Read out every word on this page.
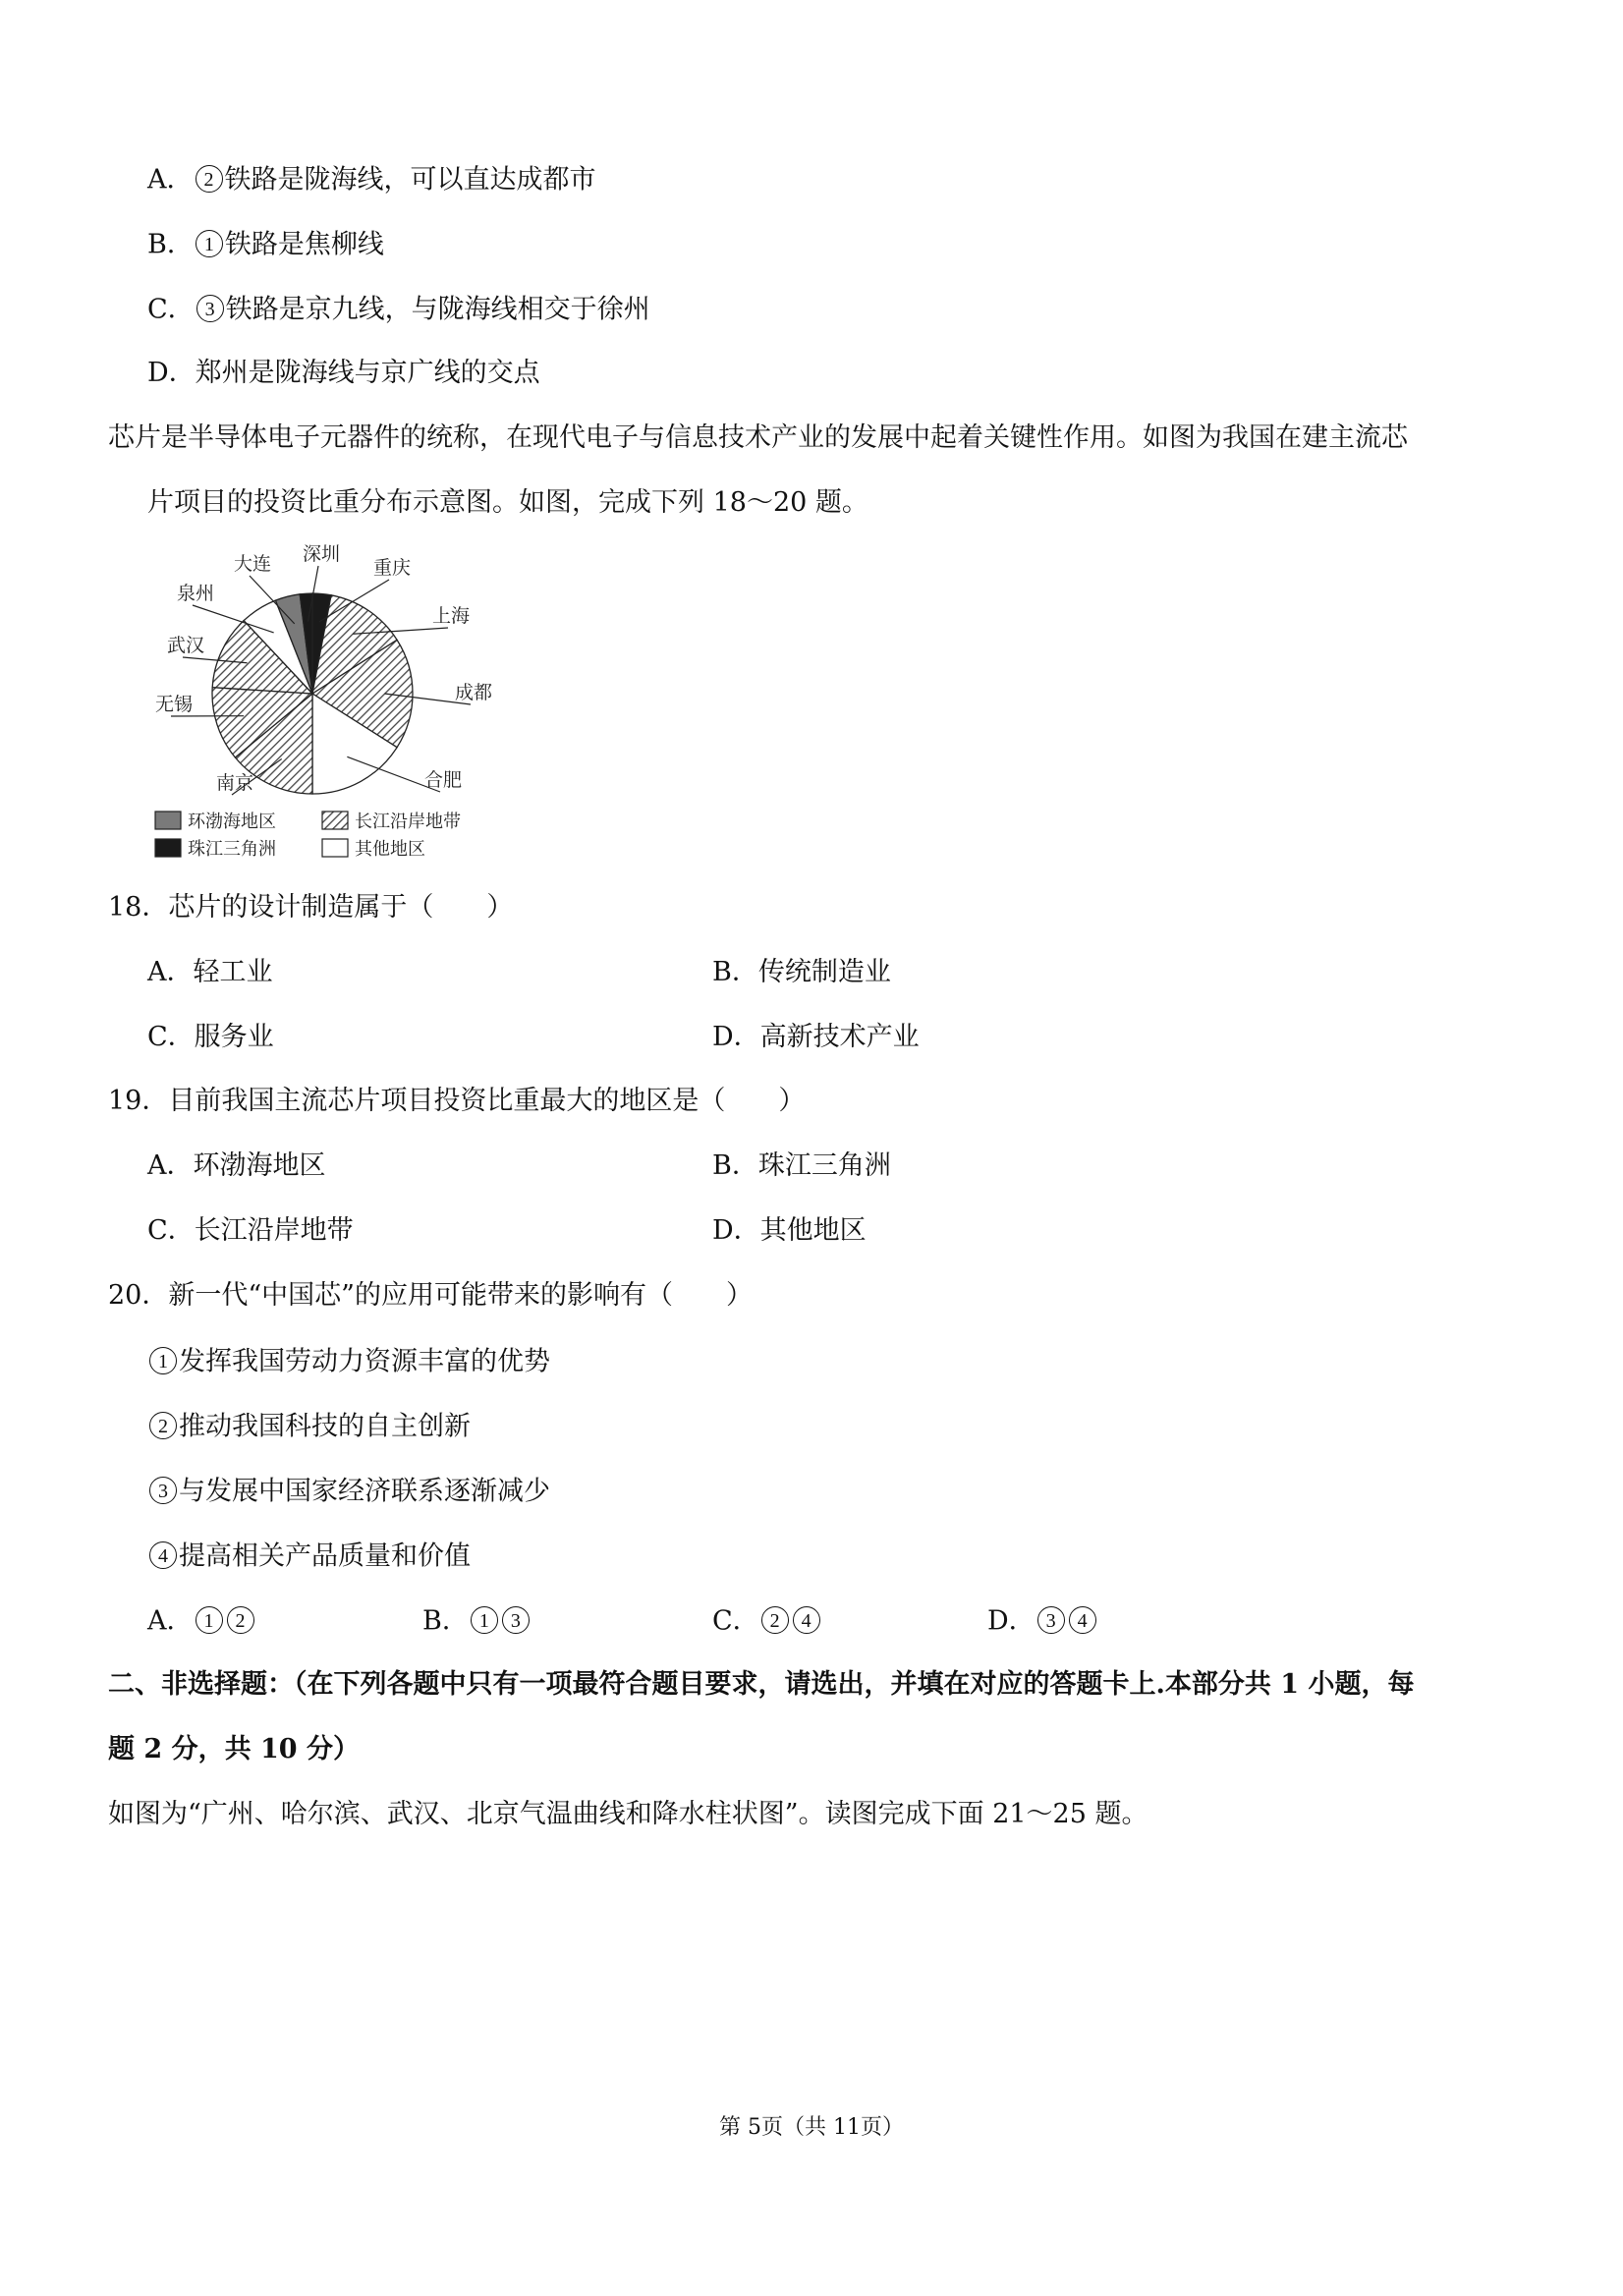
A． 2 铁路是陇海线，可以直达成都市
B． 1 铁路是焦柳线
C． 3 铁路是京九线，与陇海线相交于徐州
D．郑州是陇海线与京广线的交点
芯片是半导体电子元器件的统称，在现代电子与信息技术产业的发展中起着关键性作用。如图为我国在建主流芯
片项目的投资比重分布示意图。如图，完成下列 18～20 题。
重庆
上海
成都
合肥
南京
无锡
武汉
泉州
大连 深圳
环渤海地区	长江沿岸地带
珠江三角洲	其他地区
18．芯片的设计制造属于（　　）
A．轻工业	B．传统制造业
C．服务业	D．高新技术产业
19．目前我国主流芯片项目投资比重最大的地区是（　　）
A．环渤海地区	B．珠江三角洲
C．长江沿岸地带	D．其他地区
20．新一代“中国芯”的应用可能带来的影响有（　　）
1 发挥我国劳动力资源丰富的优势
2 推动我国科技的自主创新
3 与发展中国家经济联系逐渐减少
4 提高相关产品质量和价值
A． 1 2	B． 1 3	C． 2 4	D． 3 4
二、非选择题：（在下列各题中只有一项最符合题目要求，请选出，并填在对应的答题卡上.本部分共 1 小题，每
题 2 分，共 10 分）
如图为“广州、哈尔滨、武汉、北京气温曲线和降水柱状图”。读图完成下面 21～25 题。
第 5页（共 11页）
